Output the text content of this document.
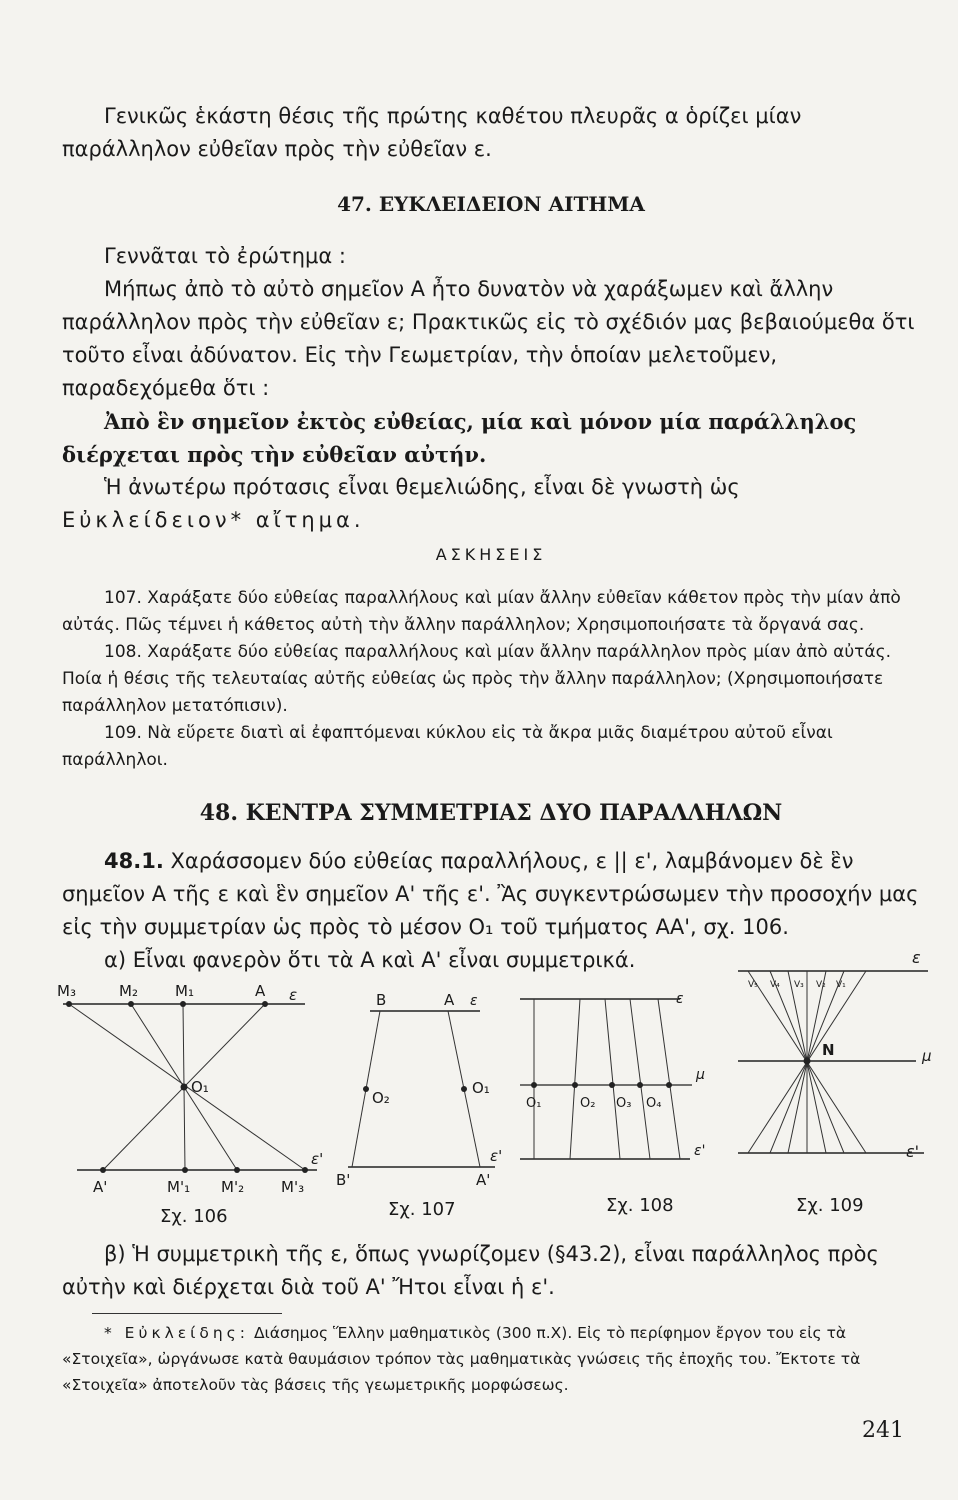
Γενικῶς ἑκάστη θέσις τῆς πρώτης καθέτου πλευρᾶς α ὁρίζει μίαν παράλληλον εὐθεῖαν πρὸς τὴν εὐθεῖαν ε.

47. ΕΥΚΛΕΙΔΕΙΟΝ ΑΙΤΗΜΑ

Γεννᾶται τὸ ἐρώτημα :

Μήπως ἀπὸ τὸ αὐτὸ σημεῖον Α ἦτο δυνατὸν νὰ χαράξωμεν καὶ ἄλλην παράλληλον πρὸς τὴν εὐθεῖαν ε; Πρακτικῶς εἰς τὸ σχέδιόν μας βεβαιούμεθα ὅτι τοῦτο εἶναι ἀδύνατον. Εἰς τὴν Γεωμετρίαν, τὴν ὁποίαν μελετοῦμεν, παραδεχόμεθα ὅτι :

Ἀπὸ ἓν σημεῖον ἐκτὸς εὐθείας, μία καὶ μόνον μία παράλληλος διέρχεται πρὸς τὴν εὐθεῖαν αὐτήν.

Ἡ ἀνωτέρω πρότασις εἶναι θεμελιώδης, εἶναι δὲ γνωστὴ ὡς Εὐκλείδειον* αἴτημα.

ΑΣΚΗΣΕΙΣ

107. Χαράξατε δύο εὐθείας παραλλήλους καὶ μίαν ἄλλην εὐθεῖαν κάθετον πρὸς τὴν μίαν ἀπὸ αὐτάς. Πῶς τέμνει ἡ κάθετος αὐτὴ τὴν ἄλλην παράλληλον; Χρησιμοποιήσατε τὰ ὄργανά σας.

108. Χαράξατε δύο εὐθείας παραλλήλους καὶ μίαν ἄλλην παράλληλον πρὸς μίαν ἀπὸ αὐτάς. Ποία ἡ θέσις τῆς τελευταίας αὐτῆς εὐθείας ὡς πρὸς τὴν ἄλλην παράλληλον; (Χρησιμοποιήσατε παράλληλον μετατόπισιν).

109. Νὰ εὕρετε διατὶ αἱ ἐφαπτόμεναι κύκλου εἰς τὰ ἄκρα μιᾶς διαμέτρου αὐτοῦ εἶναι παράλληλοι.

48. ΚΕΝΤΡΑ ΣΥΜΜΕΤΡΙΑΣ ΔΥΟ ΠΑΡΑΛΛΗΛΩΝ

48.1. Χαράσσομεν δύο εὐθείας παραλλήλους, ε || ε', λαμβάνομεν δὲ ἓν σημεῖον Α τῆς ε καὶ ἓν σημεῖον Α' τῆς ε'. Ἂς συγκεντρώσωμεν τὴν προσοχήν μας εἰς τὴν συμμετρίαν ὡς πρὸς τὸ μέσον Ο₁ τοῦ τμήματος ΑΑ', σχ. 106.

α) Εἶναι φανερὸν ὅτι τὰ Α καὶ Α' εἶναι συμμετρικά.

M₃	M₂ M₁	A ε
O₁
A'	M'₁ M'₂ M'₃
ε'
Σχ. 106
B	A ε
O₂
O₁
ε'
B'	A'
Σχ. 107
ε
μ
O₁	O₂ O₃ O₄
ε'
Σχ. 108
ε
V₅ V₄ V₃ V₂ V₁
N	μ
ε'
Σχ. 109

β) Ἡ συμμετρικὴ τῆς ε, ὅπως γνωρίζομεν (§43.2), εἶναι παράλληλος πρὸς αὐτὴν καὶ διέρχεται διὰ τοῦ Α' Ἤτοι εἶναι ἡ ε'.

* Εὐκλείδης: Διάσημος Ἕλλην μαθηματικὸς (300 π.Χ). Εἰς τὸ περίφημον ἔργον του εἰς τὰ «Στοιχεῖα», ὠργάνωσε κατὰ θαυμάσιον τρόπον τὰς μαθηματικὰς γνώσεις τῆς ἐποχῆς του. Ἔκτοτε τὰ «Στοιχεῖα» ἀποτελοῦν τὰς βάσεις τῆς γεωμετρικῆς μορφώσεως.

241
